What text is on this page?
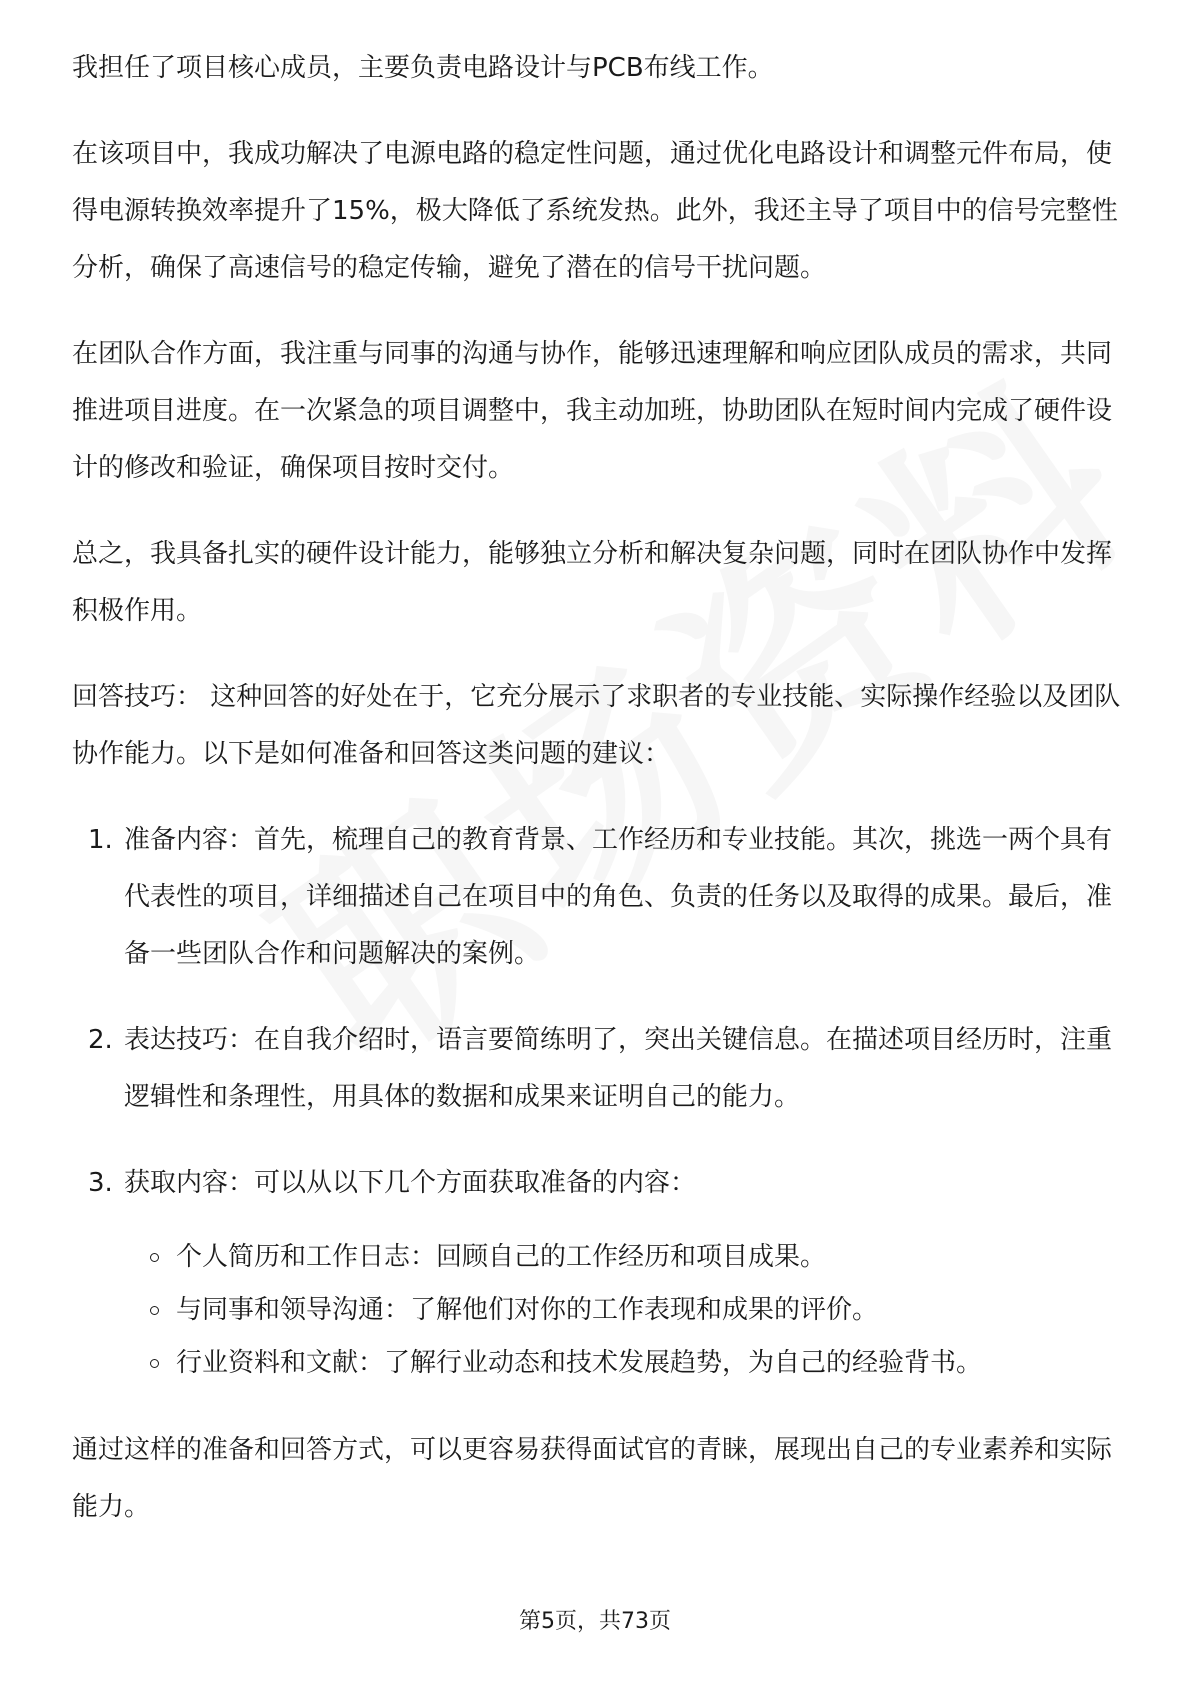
我担任了项目核心成员，主要负责电路设计与PCB布线工作。

在该项目中，我成功解决了电源电路的稳定性问题，通过优化电路设计和调整元件布局，使得电源转换效率提升了15%，极大降低了系统发热。此外，我还主导了项目中的信号完整性分析，确保了高速信号的稳定传输，避免了潜在的信号干扰问题。

在团队合作方面，我注重与同事的沟通与协作，能够迅速理解和响应团队成员的需求，共同推进项目进度。在一次紧急的项目调整中，我主动加班，协助团队在短时间内完成了硬件设计的修改和验证，确保项目按时交付。

总之，我具备扎实的硬件设计能力，能够独立分析和解决复杂问题，同时在团队协作中发挥积极作用。

回答技巧： 这种回答的好处在于，它充分展示了求职者的专业技能、实际操作经验以及团队协作能力。以下是如何准备和回答这类问题的建议：

1. 准备内容：首先，梳理自己的教育背景、工作经历和专业技能。其次，挑选一两个具有代表性的项目，详细描述自己在项目中的角色、负责的任务以及取得的成果。最后，准备一些团队合作和问题解决的案例。
2. 表达技巧：在自我介绍时，语言要简练明了，突出关键信息。在描述项目经历时，注重逻辑性和条理性，用具体的数据和成果来证明自己的能力。
3. 获取内容：可以从以下几个方面获取准备的内容：
个人简历和工作日志：回顾自己的工作经历和项目成果。
与同事和领导沟通：了解他们对你的工作表现和成果的评价。
行业资料和文献：了解行业动态和技术发展趋势，为自己的经验背书。

通过这样的准备和回答方式，可以更容易获得面试官的青睐，展现出自己的专业素养和实际能力。

第5页，共73页
